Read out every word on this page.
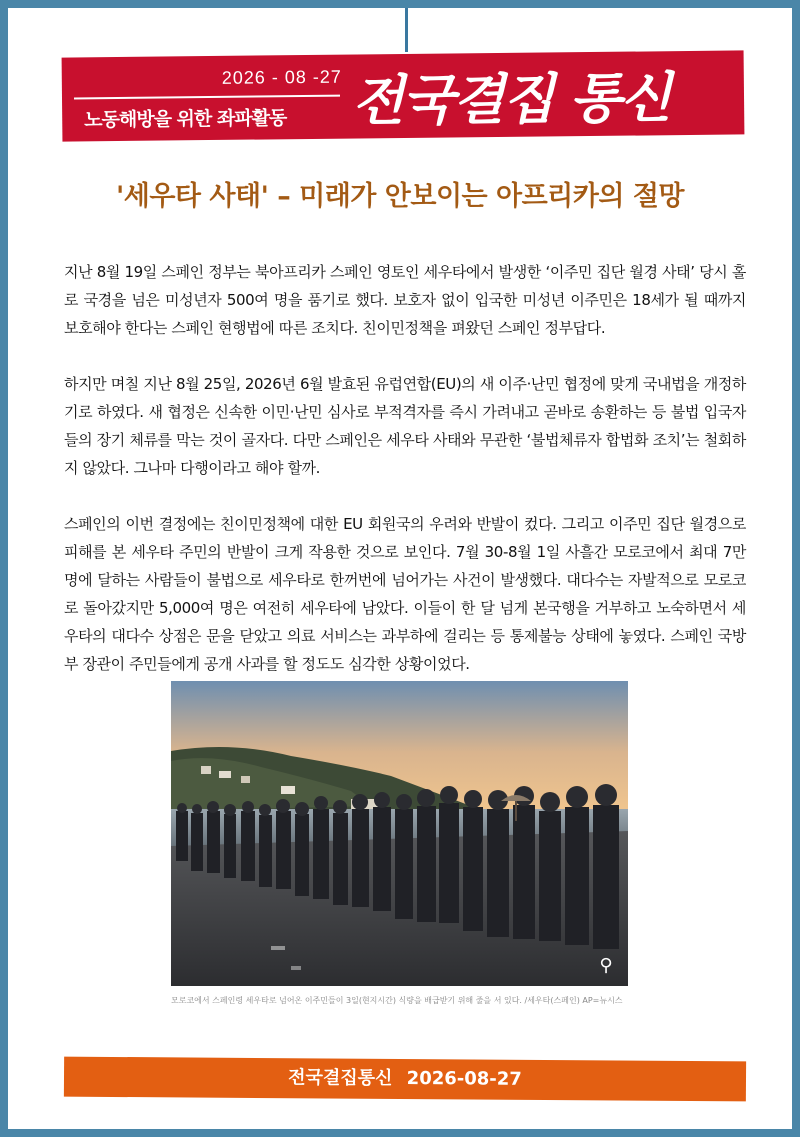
2026 - 08 -27
노동해방을 위한 좌파활동 전국결집 통신
'세우타 사태' – 미래가 안보이는 아프리카의 절망

지난 8월 19일 스페인 정부는 북아프리카 스페인 영토인 세우타에서 발생한 ‘이주민 집단 월경 사태’ 당시 홀로 국경을 넘은 미성년자 500여 명을 품기로 했다. 보호자 없이 입국한 미성년 이주민은 18세가 될 때까지 보호해야 한다는 스페인 현행법에 따른 조치다. 친이민정책을 펴왔던 스페인 정부답다.

하지만 며칠 지난 8월 25일, 2026년 6월 발효된 유럽연합(EU)의 새 이주·난민 협정에 맞게 국내법을 개정하기로 하였다. 새 협정은 신속한 이민·난민 심사로 부적격자를 즉시 가려내고 곧바로 송환하는 등 불법 입국자들의 장기 체류를 막는 것이 골자다. 다만 스페인은 세우타 사태와 무관한 ‘불법체류자 합법화 조치’는 철회하지 않았다. 그나마 다행이라고 해야 할까.

스페인의 이번 결정에는 친이민정책에 대한 EU 회원국의 우려와 반발이 컸다. 그리고 이주민 집단 월경으로 피해를 본 세우타 주민의 반발이 크게 작용한 것으로 보인다. 7월 30-8월 1일 사흘간 모로코에서 최대 7만 명에 달하는 사람들이 불법으로 세우타로 한꺼번에 넘어가는 사건이 발생했다. 대다수는 자발적으로 모로코로 돌아갔지만 5,000여 명은 여전히 세우타에 남았다. 이들이 한 달 넘게 본국행을 거부하고 노숙하면서 세우타의 대다수 상점은 문을 닫았고 의료 서비스는 과부하에 걸리는 등 통제불능 상태에 놓였다. 스페인 국방부 장관이 주민들에게 공개 사과를 할 정도도 심각한 상황이었다.

⚲
모로코에서 스페인령 세우타로 넘어온 이주민들이 3일(현지시간) 식량을 배급받기 위해 줄을 서 있다. /세우타(스페인) AP=뉴시스
전국결집통신 2026-08-27
